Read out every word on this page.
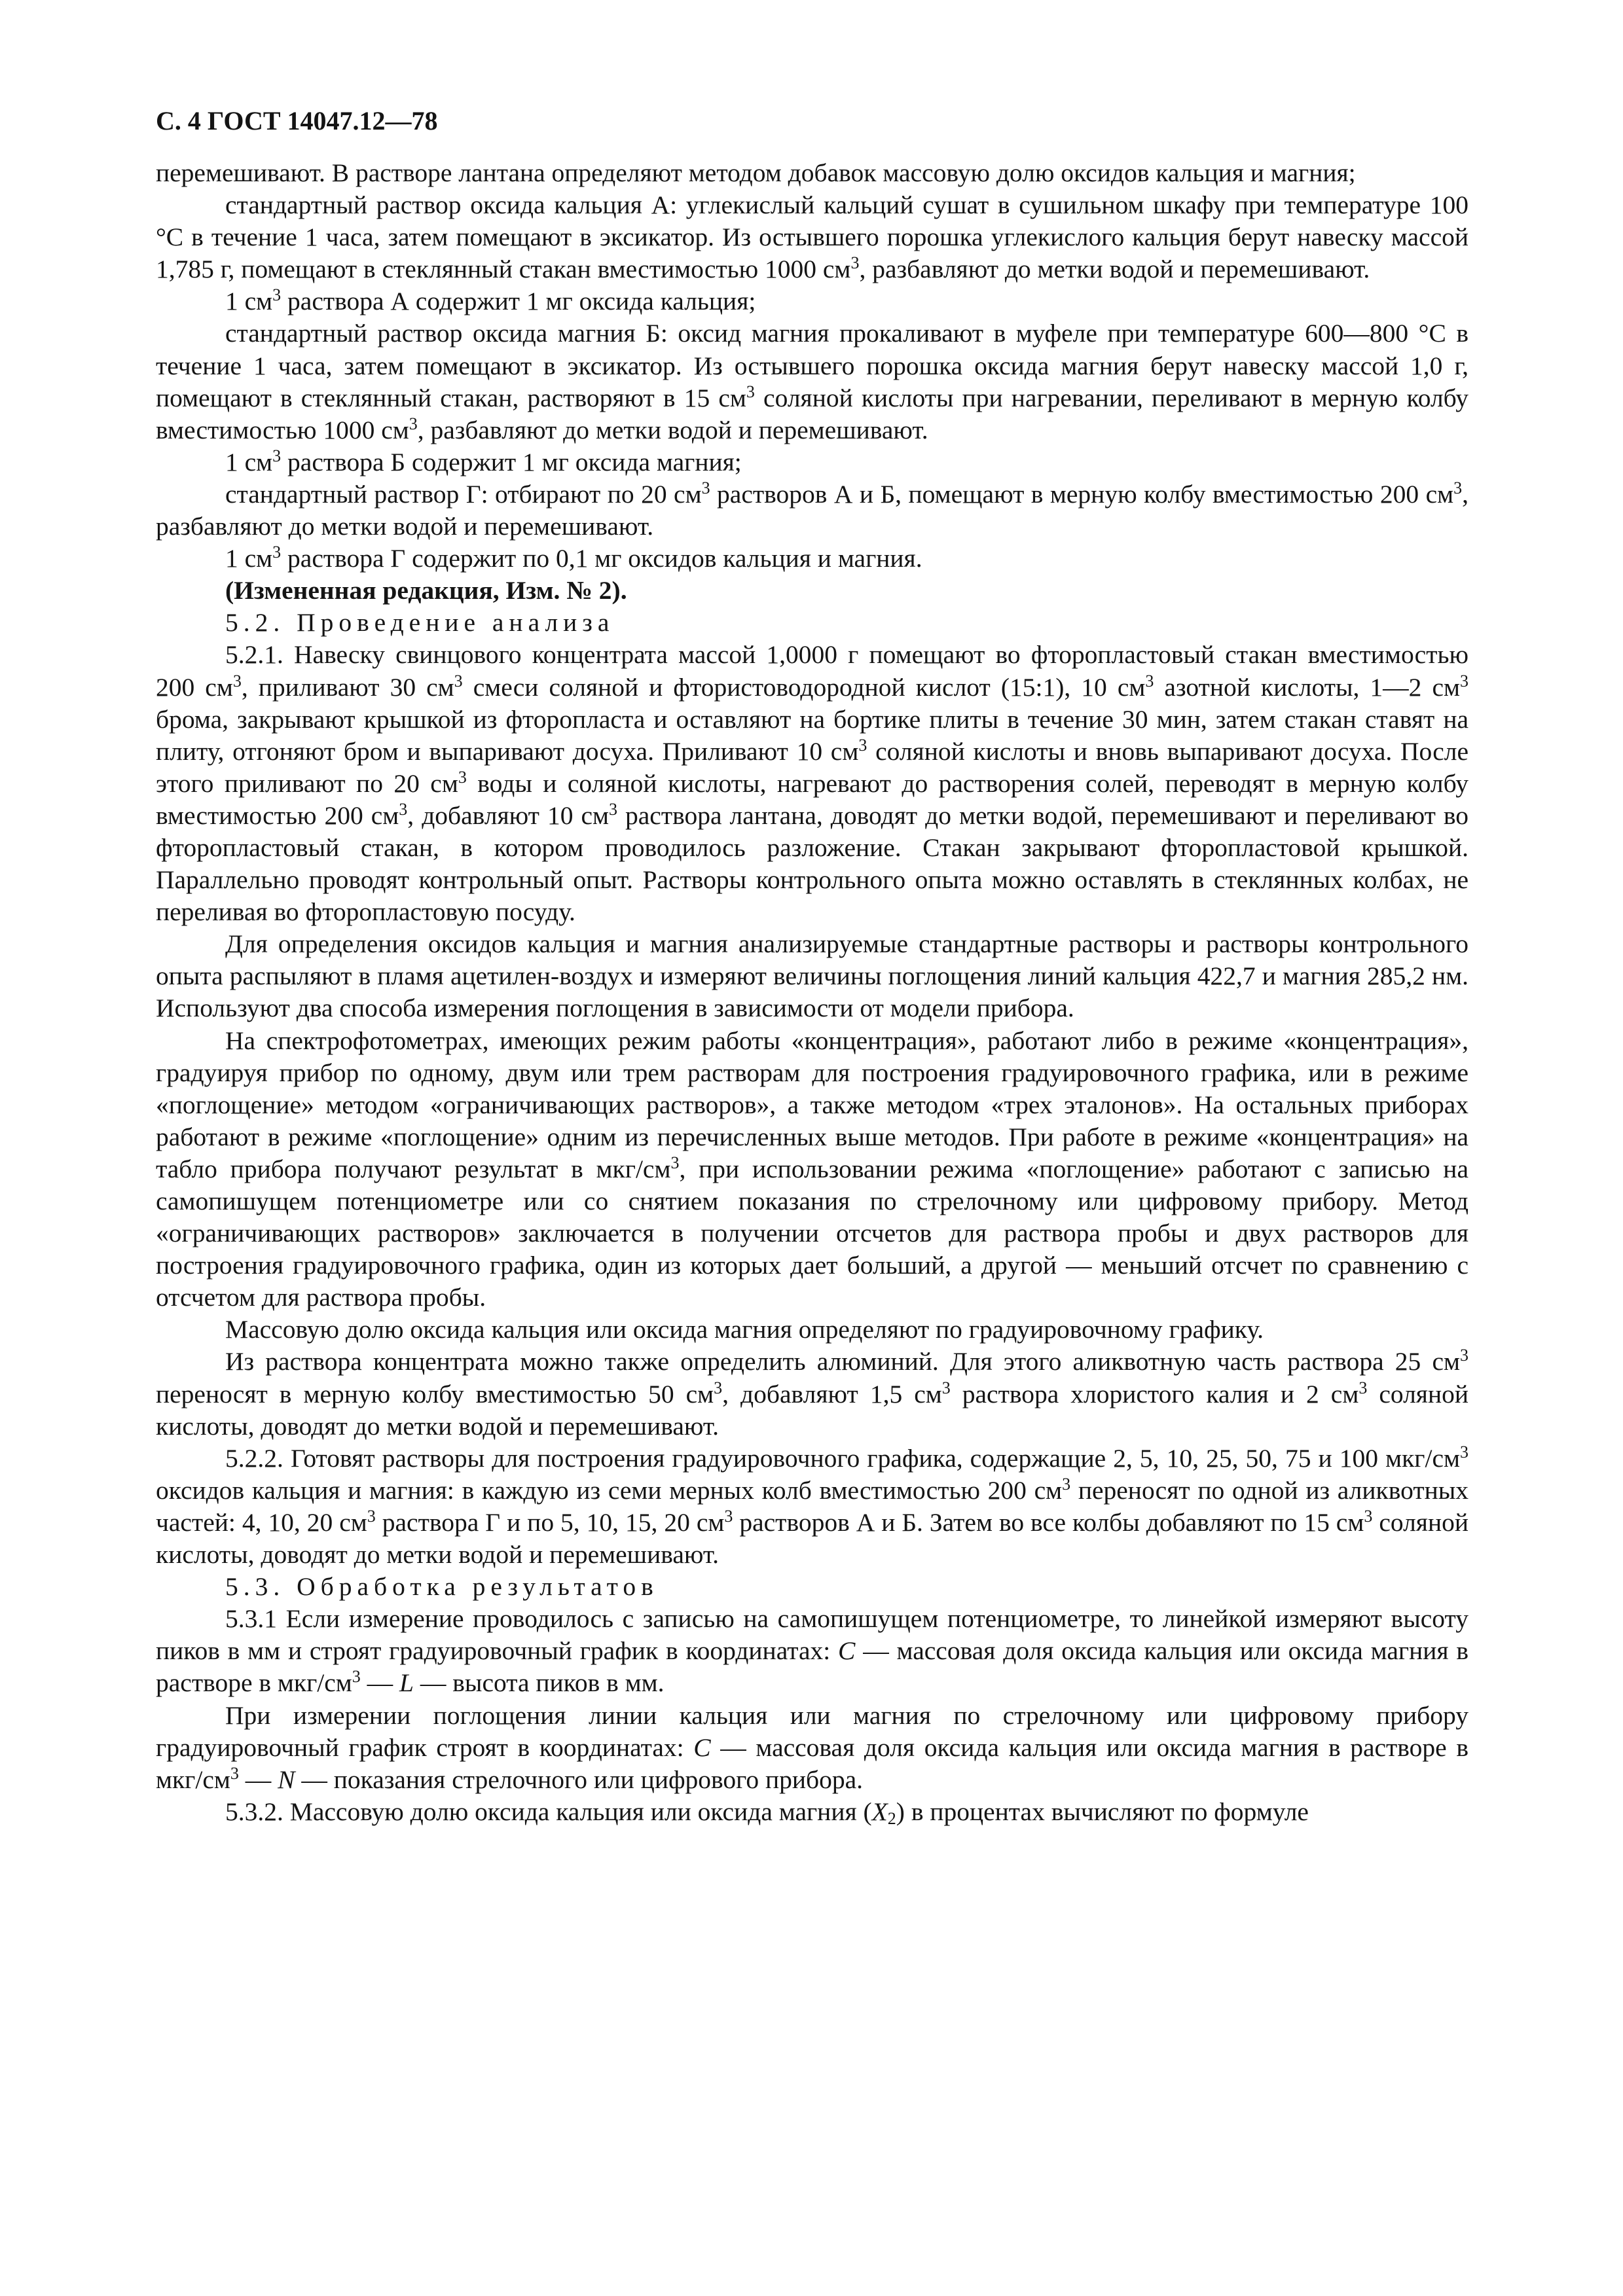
С. 4 ГОСТ 14047.12—78

перемешивают. В растворе лантана определяют методом добавок массовую долю оксидов кальция и магния;

стандартный раствор оксида кальция А: углекислый кальций сушат в сушильном шкафу при температуре 100 °С в течение 1 часа, затем помещают в эксикатор. Из остывшего порошка углекислого кальция берут навеску массой 1,785 г, помещают в стеклянный стакан вместимостью 1000 $см^3$, разбавляют до метки водой и перемешивают.

1 $см^3$ раствора А содержит 1 мг оксида кальция;

стандартный раствор оксида магния Б: оксид магния прокаливают в муфеле при температуре 600—800 °С в течение 1 часа, затем помещают в эксикатор. Из остывшего порошка оксида магния берут навеску массой 1,0 г, помещают в стеклянный стакан, растворяют в 15 $см^3$ соляной кислоты при нагревании, переливают в мерную колбу вместимостью 1000 $см^3$, разбавляют до метки водой и перемешивают.

1 $см^3$ раствора Б содержит 1 мг оксида магния;

стандартный раствор Г: отбирают по 20 $см^3$ растворов А и Б, помещают в мерную колбу вместимостью 200 $см^3$, разбавляют до метки водой и перемешивают.

1 $см^3$ раствора Г содержит по 0,1 мг оксидов кальция и магния.

(Измененная редакция, Изм. № 2).

5.2. Проведение анализа

5.2.1. Навеску свинцового концентрата массой 1,0000 г помещают во фторопластовый стакан вместимостью 200 $см^3$, приливают 30 $см^3$ смеси соляной и фтористоводородной кислот (15:1), 10 $см^3$ азотной кислоты, 1—2 $см^3$ брома, закрывают крышкой из фторопласта и оставляют на бортике плиты в течение 30 мин, затем стакан ставят на плиту, отгоняют бром и выпаривают досуха. Приливают 10 $см^3$ соляной кислоты и вновь выпаривают досуха. После этого приливают по 20 $см^3$ воды и соляной кислоты, нагревают до растворения солей, переводят в мерную колбу вместимостью 200 $см^3$, добавляют 10 $см^3$ раствора лантана, доводят до метки водой, перемешивают и переливают во фторопластовый стакан, в котором проводилось разложение. Стакан закрывают фторопластовой крышкой. Параллельно проводят контрольный опыт. Растворы контрольного опыта можно оставлять в стеклянных колбах, не переливая во фторопластовую посуду.

Для определения оксидов кальция и магния анализируемые стандартные растворы и растворы контрольного опыта распыляют в пламя ацетилен-воздух и измеряют величины поглощения линий кальция 422,7 и магния 285,2 нм. Используют два способа измерения поглощения в зависимости от модели прибора.

На спектрофотометрах, имеющих режим работы «концентрация», работают либо в режиме «концентрация», градуируя прибор по одному, двум или трем растворам для построения градуировочного графика, или в режиме «поглощение» методом «ограничивающих растворов», а также методом «трех эталонов». На остальных приборах работают в режиме «поглощение» одним из перечисленных выше методов. При работе в режиме «концентрация» на табло прибора получают результат в мкг/$см^3$, при использовании режима «поглощение» работают с записью на самопишущем потенциометре или со снятием показания по стрелочному или цифровому прибору. Метод «ограничивающих растворов» заключается в получении отсчетов для раствора пробы и двух растворов для построения градуировочного графика, один из которых дает больший, а другой — меньший отсчет по сравнению с отсчетом для раствора пробы.

Массовую долю оксида кальция или оксида магния определяют по градуировочному графику.

Из раствора концентрата можно также определить алюминий. Для этого аликвотную часть раствора 25 $см^3$ переносят в мерную колбу вместимостью 50 $см^3$, добавляют 1,5 $см^3$ раствора хлористого калия и 2 $см^3$ соляной кислоты, доводят до метки водой и перемешивают.

5.2.2. Готовят растворы для построения градуировочного графика, содержащие 2, 5, 10, 25, 50, 75 и 100 мкг/$см^3$ оксидов кальция и магния: в каждую из семи мерных колб вместимостью 200 $см^3$ переносят по одной из аликвотных частей: 4, 10, 20 $см^3$ раствора Г и по 5, 10, 15, 20 $см^3$ растворов А и Б. Затем во все колбы добавляют по 15 $см^3$ соляной кислоты, доводят до метки водой и перемешивают.

5.3. Обработка результатов

5.3.1 Если измерение проводилось с записью на самопишущем потенциометре, то линейкой измеряют высоту пиков в мм и строят градуировочный график в координатах: C — массовая доля оксида кальция или оксида магния в растворе в мкг/$см^3$ — L — высота пиков в мм.

При измерении поглощения линии кальция или магния по стрелочному или цифровому прибору градуировочный график строят в координатах: C — массовая доля оксида кальция или оксида магния в растворе в мкг/$см^3$ — N — показания стрелочного или цифрового прибора.

5.3.2. Массовую долю оксида кальция или оксида магния $(X_2)$ в процентах вычисляют по формуле
